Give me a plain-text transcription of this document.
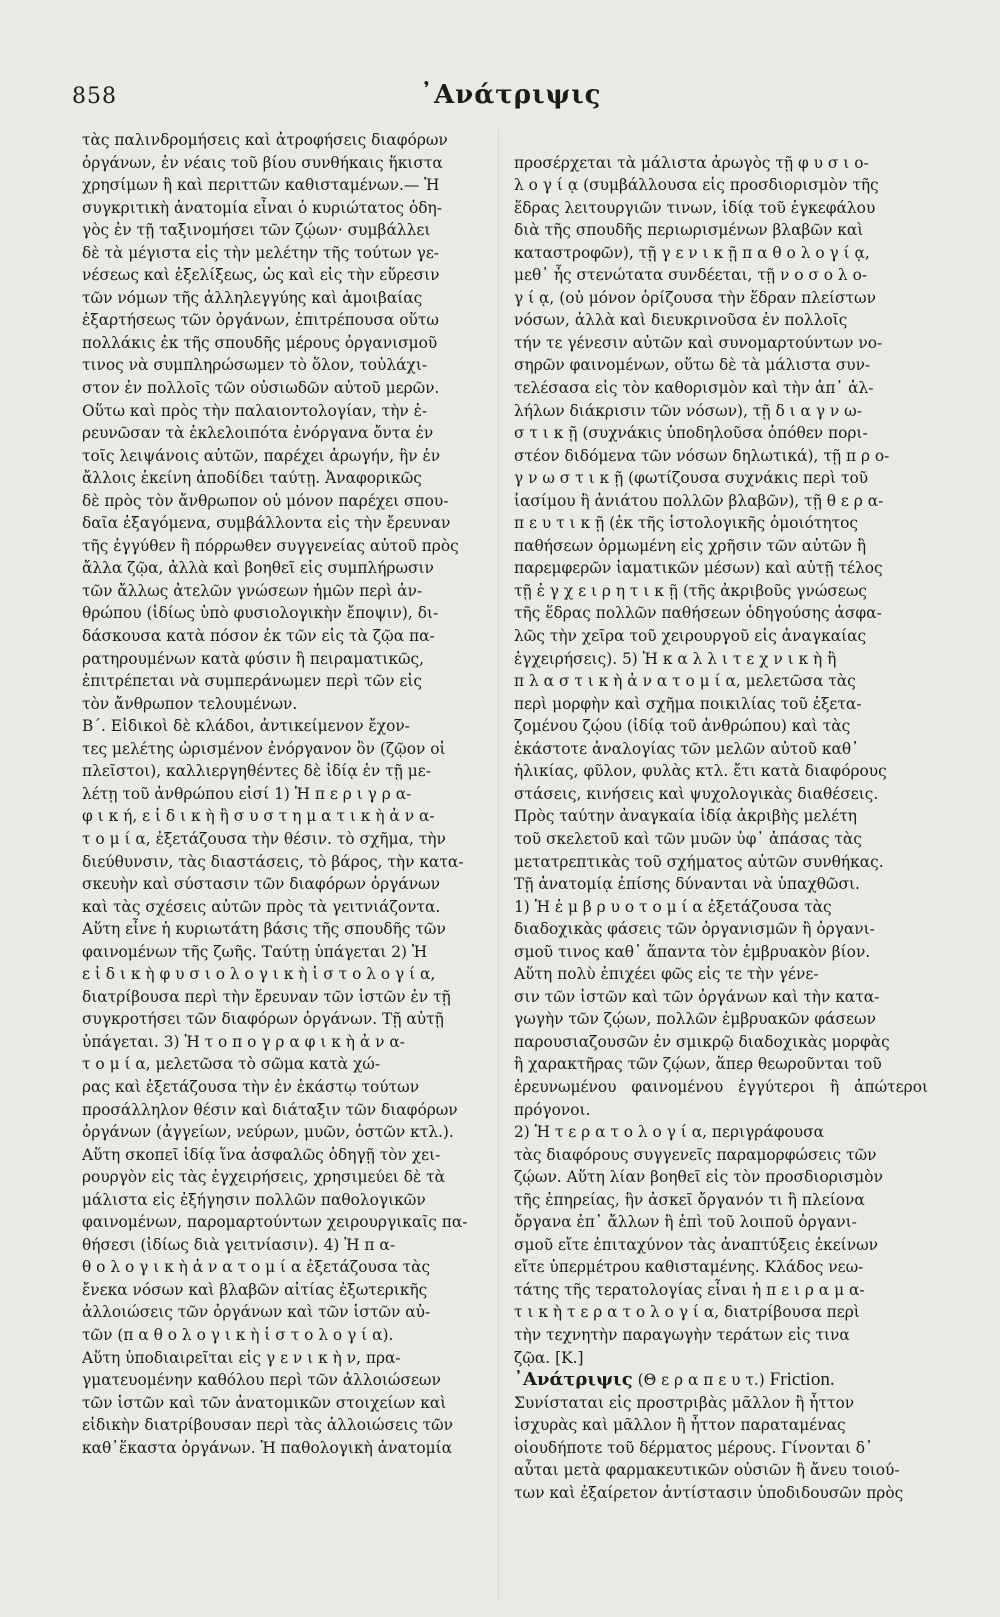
858	᾿Ανάτριψις
τὰς παλινδρομήσεις καὶ ἀτροφήσεις διαφόρων
ὀργάνων, ἐν νέαις τοῦ βίου συνθήκαις ἥκιστα
χρησίμων ἢ καὶ περιττῶν καθισταμένων.— Ἡ
συγκριτικὴ ἀνατομία εἶναι ὁ κυριώτατος ὁδη-
γὸς ἐν τῇ ταξινομήσει τῶν ζῴων· συμβάλλει
δὲ τὰ μέγιστα εἰς τὴν μελέτην τῆς τούτων γε-
νέσεως καὶ ἐξελίξεως, ὡς καὶ εἰς τὴν εὕρεσιν
τῶν νόμων τῆς ἀλληλεγγύης καὶ ἀμοιβαίας
ἐξαρτήσεως τῶν ὀργάνων, ἐπιτρέπουσα οὕτω
πολλάκις ἐκ τῆς σπουδῆς μέρους ὀργανισμοῦ
τινος νὰ συμπληρώσωμεν τὸ ὅλον, τοὐλάχι-
στον ἐν πολλοῖς τῶν οὐσιωδῶν αὐτοῦ μερῶν.
Οὕτω καὶ πρὸς τὴν παλαιοντολογίαν, τὴν ἐ-
ρευνῶσαν τὰ ἐκλελοιπότα ἐνόργανα ὄντα ἐν
τοῖς λειψάνοις αὐτῶν, παρέχει ἀρωγήν, ἣν ἐν
ἄλλοις ἐκείνη ἀποδίδει ταύτῃ. Ἀναφορικῶς
δὲ πρὸς τὸν ἄνθρωπον οὐ μόνον παρέχει σπου-
δαῖα ἐξαγόμενα, συμβάλλοντα εἰς τὴν ἔρευναν
τῆς ἐγγύθεν ἢ πόρρωθεν συγγενείας αὐτοῦ πρὸς
ἄλλα ζῷα, ἀλλὰ καὶ βοηθεῖ εἰς συμπλήρωσιν
τῶν ἄλλως ἀτελῶν γνώσεων ἡμῶν περὶ ἀν-
θρώπου (ἰδίως ὑπὸ φυσιολογικὴν ἔποψιν), δι-
δάσκουσα κατὰ πόσον ἐκ τῶν εἰς τὰ ζῷα πα-
ρατηρουμένων κατὰ φύσιν ἢ πειραματικῶς,
ἐπιτρέπεται νὰ συμπεράνωμεν περὶ τῶν εἰς
τὸν ἄνθρωπον τελουμένων.
Β΄. Εἰδικοὶ δὲ κλάδοι, ἀντικείμενον ἔχον-
τες μελέτης ὡρισμένον ἐνόργανον ὂν (ζῷον οἱ
πλεῖστοι), καλλιεργηθέντες δὲ ἰδίᾳ ἐν τῇ με-
λέτῃ τοῦ ἀνθρώπου εἰσί 1) Ἡ π ε ρ ι γ ρ α-
φ ι κ ή, ε ἰ δ ι κ ὴ ἢ σ υ σ τ η μ α τ ι κ ὴ ἀ ν α-
τ ο μ ί α, ἐξετάζουσα τὴν θέσιν. τὸ σχῆμα, τὴν
διεύθυνσιν, τὰς διαστάσεις, τὸ βάρος, τὴν κατα-
σκευὴν καὶ σύστασιν τῶν διαφόρων ὀργάνων
καὶ τὰς σχέσεις αὐτῶν πρὸς τὰ γειτνιάζοντα.
Αὕτη εἶνε ἡ κυριωτάτη βάσις τῆς σπουδῆς τῶν
φαινομένων τῆς ζωῆς. Ταύτῃ ὑπάγεται 2) Ἡ
ε ἰ δ ι κ ὴ φ υ σ ι ο λ ο γ ι κ ὴ ἱ σ τ ο λ ο γ ί α,
διατρίβουσα περὶ τὴν ἔρευναν τῶν ἱστῶν ἐν τῇ
συγκροτήσει τῶν διαφόρων ὀργάνων. Τῇ αὐτῇ
ὑπάγεται. 3) Ἡ τ ο π ο γ ρ α φ ι κ ὴ ἀ ν α-
τ ο μ ί α, μελετῶσα τὸ σῶμα κατὰ χώ-
ρας καὶ ἐξετάζουσα τὴν ἐν ἑκάστῳ τούτων
προσάλληλον θέσιν καὶ διάταξιν τῶν διαφόρων
ὀργάνων (ἀγγείων, νεύρων, μυῶν, ὀστῶν κτλ.).
Αὕτη σκοπεῖ ἰδίᾳ ἵνα ἀσφαλῶς ὁδηγῇ τὸν χει-
ρουργὸν εἰς τὰς ἐγχειρήσεις, χρησιμεύει δὲ τὰ
μάλιστα εἰς ἐξήγησιν πολλῶν παθολογικῶν
φαινομένων, παρομαρτούντων χειρουργικαῖς πα-
θήσεσι (ἰδίως διὰ γειτνίασιν). 4) Ἡ π α-
θ ο λ ο γ ι κ ὴ ἀ ν α τ ο μ ί α ἐξετάζουσα τὰς
ἔνεκα νόσων καὶ βλαβῶν αἰτίας ἐξωτερικῆς
ἀλλοιώσεις τῶν ὀργάνων καὶ τῶν ἱστῶν αὐ-
τῶν (π α θ ο λ ο γ ι κ ὴ ἱ σ τ ο λ ο γ ί α).
Αὕτη ὑποδιαιρεῖται εἰς γ ε ν ι κ ὴ ν, πρα-
γματευομένην καθόλου περὶ τῶν ἀλλοιώσεων
τῶν ἱστῶν καὶ τῶν ἀνατομικῶν στοιχείων καὶ
εἰδικὴν διατρίβουσαν περὶ τὰς ἀλλοιώσεις τῶν
καθ᾿ἕκαστα ὀργάνων. Ἡ παθολογικὴ ἀνατομία

προσέρχεται τὰ μάλιστα ἀρωγὸς τῇ φ υ σ ι ο-
λ ο γ ί ᾳ (συμβάλλουσα εἰς προσδιορισμὸν τῆς
ἕδρας λειτουργιῶν τινων, ἰδίᾳ τοῦ ἐγκεφάλου
διὰ τῆς σπουδῆς περιωρισμένων βλαβῶν καὶ
καταστροφῶν), τῇ γ ε ν ι κ ῇ π α θ ο λ ο γ ί ᾳ,
μεθ᾿ ἧς στενώτατα συνδέεται, τῇ ν ο σ ο λ ο-
γ ί ᾳ, (οὐ μόνον ὁρίζουσα τὴν ἕδραν πλείστων
νόσων, ἀλλὰ καὶ διευκρινοῦσα ἐν πολλοῖς
τήν τε γένεσιν αὐτῶν καὶ συνομαρτούντων νο-
σηρῶν φαινομένων, οὕτω δὲ τὰ μάλιστα συν-
τελέσασα εἰς τὸν καθορισμὸν καὶ τὴν ἀπ᾿ ἀλ-
λήλων διάκρισιν τῶν νόσων), τῇ δ ι α γ ν ω-
σ τ ι κ ῇ (συχνάκις ὑποδηλοῦσα ὁπόθεν πορι-
στέον διδόμενα τῶν νόσων δηλωτικά), τῇ π ρ ο-
γ ν ω σ τ ι κ ῇ (φωτίζουσα συχνάκις περὶ τοῦ
ἰασίμου ἢ ἀνιάτου πολλῶν βλαβῶν), τῇ θ ε ρ α-
π ε υ τ ι κ ῇ (ἐκ τῆς ἱστολογικῆς ὁμοιότητος
παθήσεων ὁρμωμένη εἰς χρῆσιν τῶν αὐτῶν ἢ
παρεμφερῶν ἰαματικῶν μέσων) καὶ αὐτῇ τέλος
τῇ ἐ γ χ ε ι ρ η τ ι κ ῇ (τῆς ἀκριβοῦς γνώσεως
τῆς ἕδρας πολλῶν παθήσεων ὁδηγούσης ἀσφα-
λῶς τὴν χεῖρα τοῦ χειρουργοῦ εἰς ἀναγκαίας
ἐγχειρήσεις). 5) Ἡ κ α λ λ ι τ ε χ ν ι κ ὴ ἢ
π λ α σ τ ι κ ὴ ἀ ν α τ ο μ ί α, μελετῶσα τὰς
περὶ μορφὴν καὶ σχῆμα ποικιλίας τοῦ ἐξετα-
ζομένου ζῴου (ἰδίᾳ τοῦ ἀνθρώπου) καὶ τὰς
ἑκάστοτε ἀναλογίας τῶν μελῶν αὐτοῦ καθ᾿
ἡλικίας, φῦλον, φυλὰς κτλ. ἔτι κατὰ διαφόρους
στάσεις, κινήσεις καὶ ψυχολογικὰς διαθέσεις.
Πρὸς ταύτην ἀναγκαία ἰδίᾳ ἀκριβὴς μελέτη
τοῦ σκελετοῦ καὶ τῶν μυῶν ὑφ᾿ ἁπάσας τὰς
μετατρεπτικὰς τοῦ σχήματος αὐτῶν συνθήκας.
Τῇ ἀνατομίᾳ ἐπίσης δύνανται νὰ ὑπαχθῶσι.
1) Ἡ ἐ μ β ρ υ ο τ ο μ ί α ἐξετάζουσα τὰς
διαδοχικὰς φάσεις τῶν ὀργανισμῶν ἢ ὀργανι-
σμοῦ τινος καθ᾿ ἅπαντα τὸν ἐμβρυακὸν βίον.
Αὕτη πολὺ ἐπιχέει φῶς εἰς τε τὴν γένε-
σιν τῶν ἱστῶν καὶ τῶν ὀργάνων καὶ τὴν κατα-
γωγὴν τῶν ζῴων, πολλῶν ἐμβρυακῶν φάσεων
παρουσιαζουσῶν ἐν σμικρῷ διαδοχικὰς μορφὰς
ἢ χαρακτῆρας τῶν ζῴων, ἅπερ θεωροῦνται τοῦ
ἐρευνωμένου φαινομένου ἐγγύτεροι ἢ ἀπώτεροι πρόγονοι.
2) Ἡ τ ε ρ α τ ο λ ο γ ί α, περιγράφουσα
τὰς διαφόρους συγγενεῖς παραμορφώσεις τῶν
ζῴων. Αὕτη λίαν βοηθεῖ εἰς τὸν προσδιορισμὸν
τῆς ἐπηρείας, ἣν ἀσκεῖ ὄργανόν τι ἢ πλείονα
ὄργανα ἐπ᾿ ἄλλων ἢ ἐπὶ τοῦ λοιποῦ ὀργανι-
σμοῦ εἴτε ἐπιταχύνον τὰς ἀναπτύξεις ἐκείνων
εἴτε ὑπερμέτρου καθισταμένης. Κλάδος νεω-
τάτης τῆς τερατολογίας εἶναι ἡ π ε ι ρ α μ α-
τ ι κ ὴ τ ε ρ α τ ο λ ο γ ί α, διατρίβουσα περὶ
τὴν τεχνητὴν παραγωγὴν τεράτων εἰς τινα
ζῷα. [Κ.]

᾿Ανάτριψις (Θ ε ρ α π ε υ τ.) Friction.
Συνίσταται εἰς προστριβὰς μᾶλλον ἢ ἧττον
ἰσχυρὰς καὶ μᾶλλον ἢ ἧττον παραταμένας
οἱουδήποτε τοῦ δέρματος μέρους. Γίνονται δ᾿
αὗται μετὰ φαρμακευτικῶν οὐσιῶν ἢ ἄνευ τοιού-
των καὶ ἐξαίρετον ἀντίστασιν ὑποδιδουσῶν πρὸς
